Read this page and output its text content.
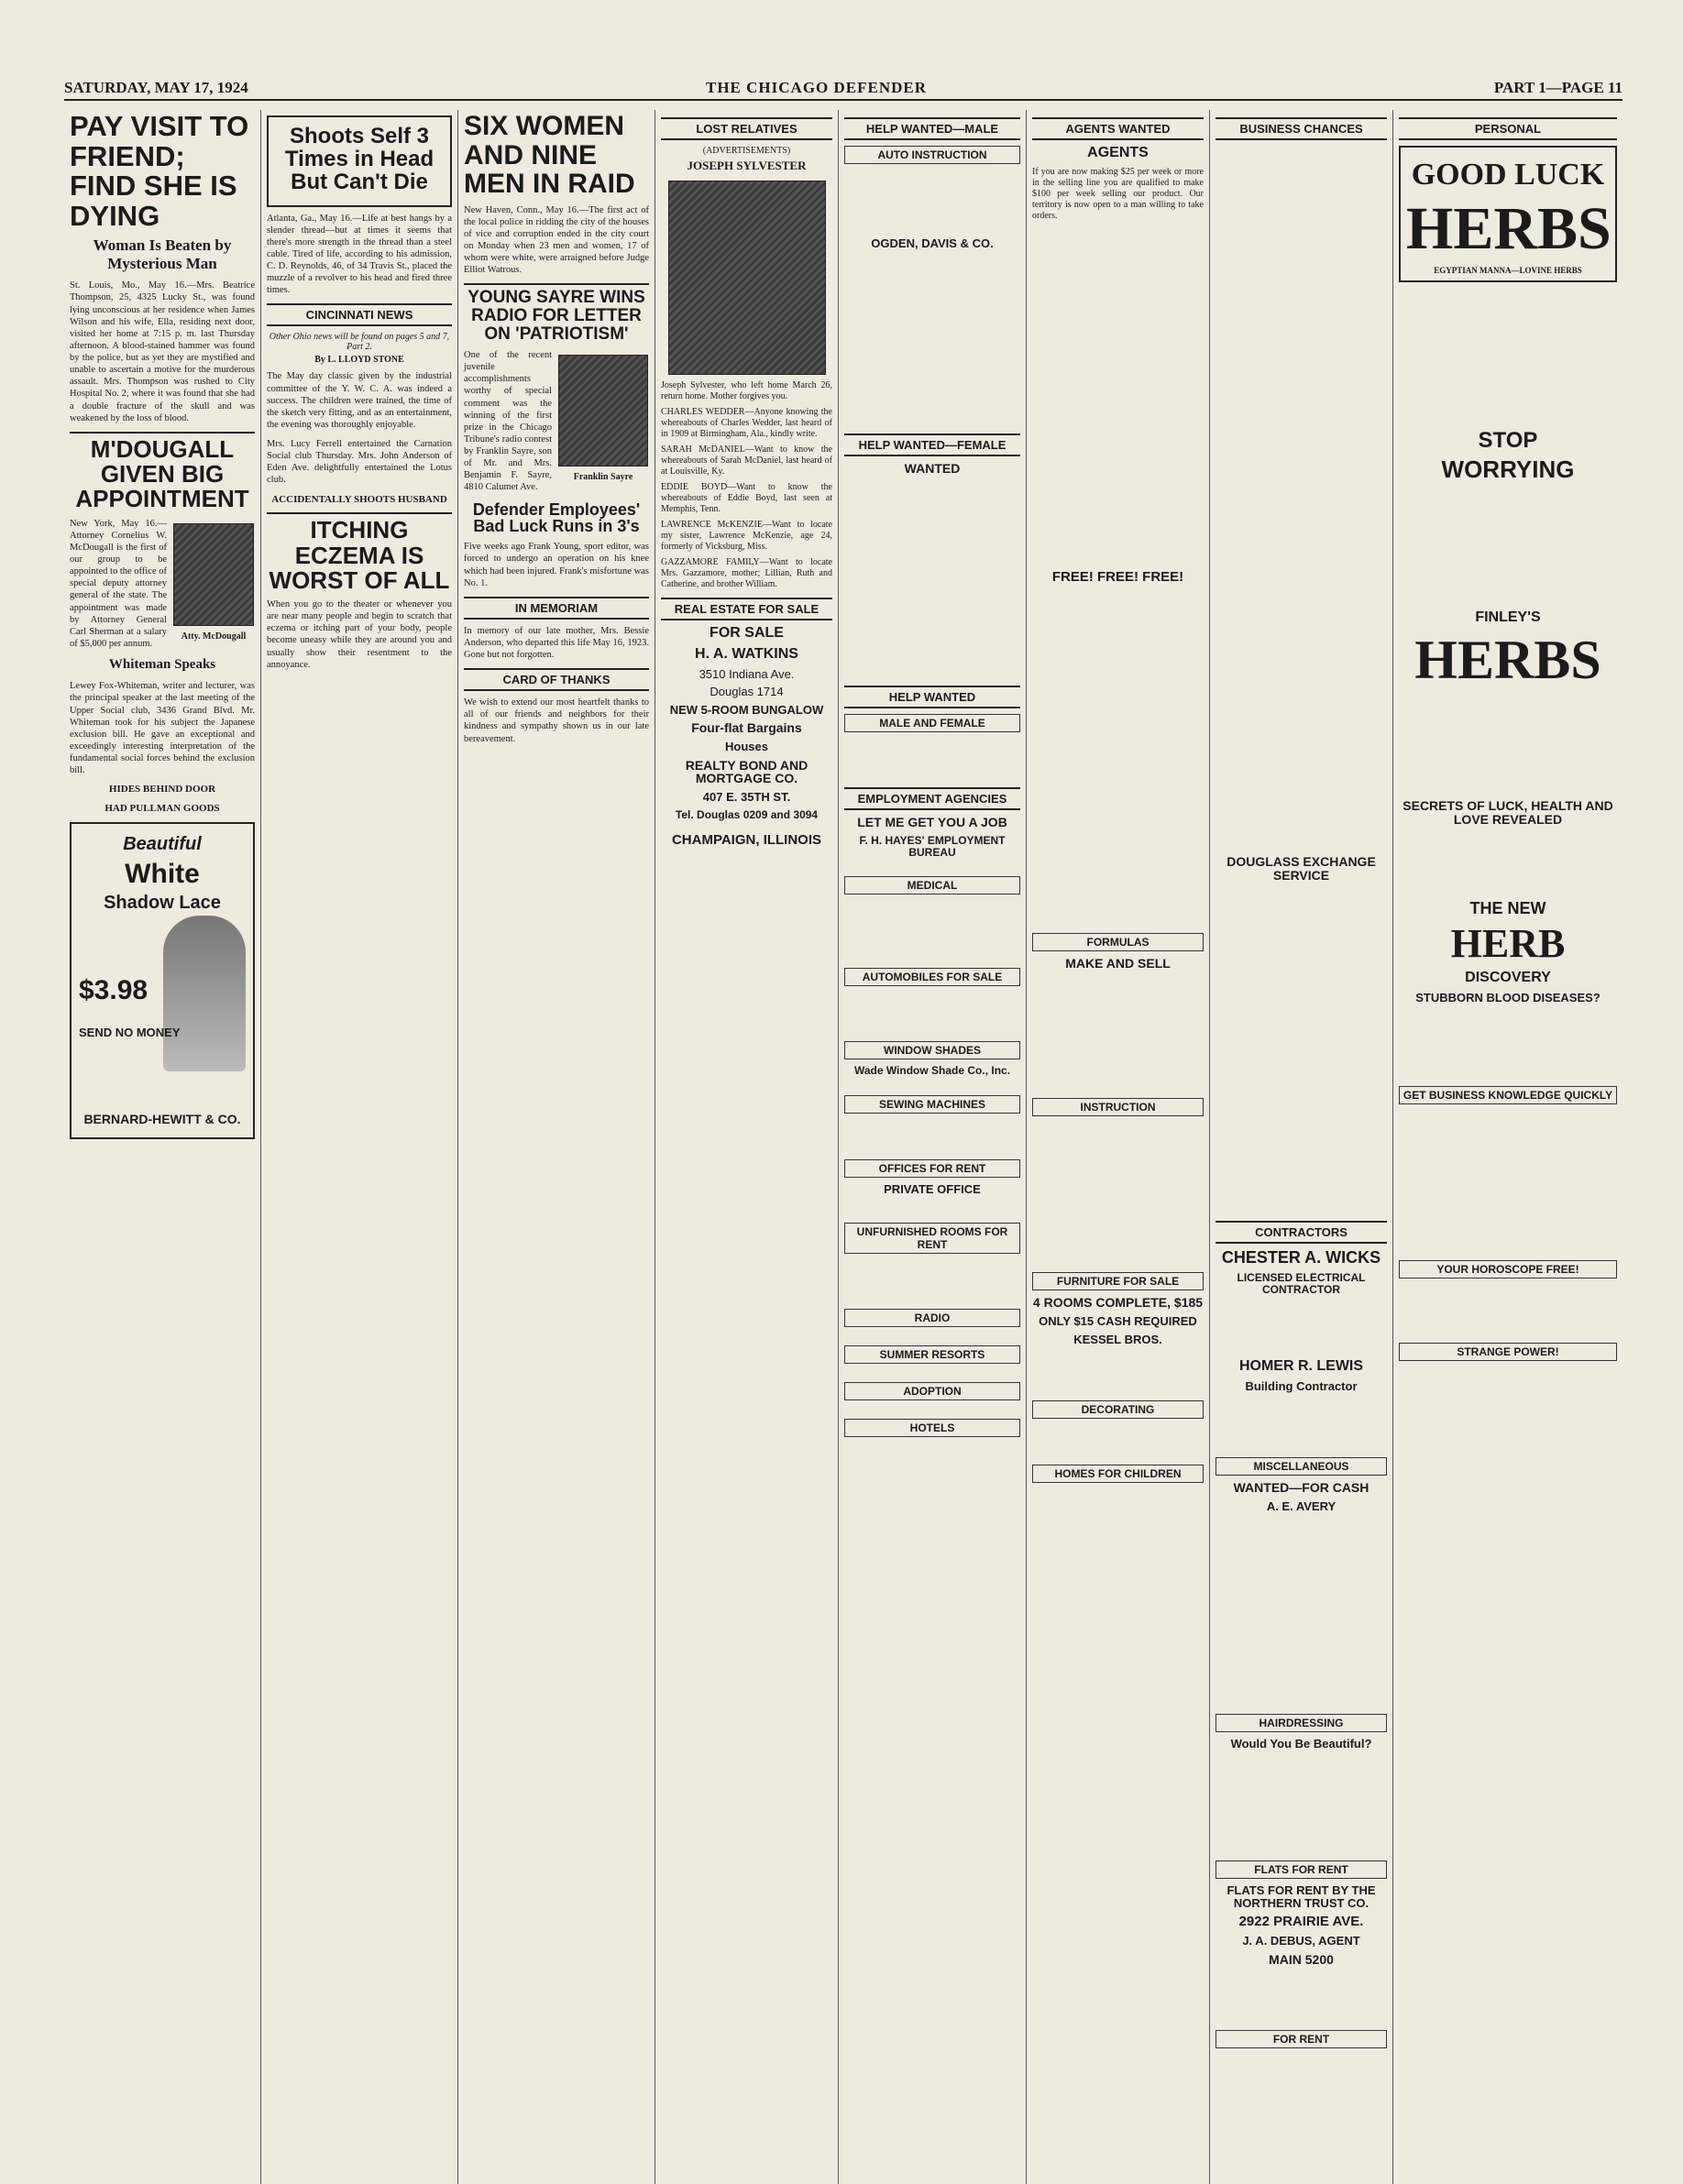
SATURDAY, MAY 17, 1924	THE CHICAGO DEFENDER	PART 1—PAGE 11
PAY VISIT TO FRIEND; FIND SHE IS DYING
Woman Is Beaten by Mysterious Man

St. Louis, Mo., May 16.—Mrs. Beatrice Thompson, 25, 4325 Lucky St., was found lying unconscious at her residence when James Wilson and his wife, Ella, residing next door, visited her home at 7:15 p. m. last Thursday afternoon. A blood-stained hammer was found by the police, but as yet they are mystified and unable to ascertain a motive for the murderous assault. Mrs. Thompson was rushed to City Hospital No. 2, where it was found that she had a double fracture of the skull and was weakened by the loss of blood.

M'DOUGALL GIVEN BIG APPOINTMENT
Atty. McDougall

New York, May 16.—Attorney Cornelius W. McDougall is the first of our group to be appointed to the office of special deputy attorney general of the state. The appointment was made by Attorney General Carl Sherman at a salary of $5,000 per annum.

Whiteman Speaks

Lewey Fox-Whiteman, writer and lecturer, was the principal speaker at the last meeting of the Upper Social club, 3436 Grand Blvd. Mr. Whiteman took for his subject the Japanese exclusion bill. He gave an exceptional and exceedingly interesting interpretation of the fundamental social forces behind the exclusion bill.

HIDES BEHIND DOOR
HAD PULLMAN GOODS
Beautiful
White
Shadow Lace
$3.98
SEND NO MONEY
BERNARD-HEWITT & CO.
Shoots Self 3 Times in Head But Can't Die

Atlanta, Ga., May 16.—Life at best hangs by a slender thread—but at times it seems that there's more strength in the thread than a steel cable. Tired of life, according to his admission, C. D. Reynolds, 46, of 34 Travis St., placed the muzzle of a revolver to his head and fired three times.

CINCINNATI NEWS
Other Ohio news will be found on pages 5 and 7, Part 2.
By L. LLOYD STONE

The May day classic given by the industrial committee of the Y. W. C. A. was indeed a success. The children were trained, the time of the sketch very fitting, and as an entertainment, the evening was thoroughly enjoyable.

Mrs. Lucy Ferrell entertained the Carnation Social club Thursday. Mrs. John Anderson of Eden Ave. delightfully entertained the Lotus club.

ACCIDENTALLY SHOOTS HUSBAND
ITCHING ECZEMA IS WORST OF ALL

When you go to the theater or whenever you are near many people and begin to scratch that eczema or itching part of your body, people become uneasy while they are around you and usually show their resentment to the annoyance.

SIX WOMEN AND NINE MEN IN RAID

New Haven, Conn., May 16.—The first act of the local police in ridding the city of the houses of vice and corruption ended in the city court on Monday when 23 men and women, 17 of whom were white, were arraigned before Judge Elliot Watrous.

YOUNG SAYRE WINS RADIO FOR LETTER ON 'PATRIOTISM'
Franklin Sayre

One of the recent juvenile accomplishments worthy of special comment was the winning of the first prize in the Chicago Tribune's radio contest by Franklin Sayre, son of Mr. and Mrs. Benjamin F. Sayre, 4810 Calumet Ave.

Defender Employees' Bad Luck Runs in 3's

Five weeks ago Frank Young, sport editor, was forced to undergo an operation on his knee which had been injured. Frank's misfortune was No. 1.

IN MEMORIAM

In memory of our late mother, Mrs. Bessie Anderson, who departed this life May 16, 1923. Gone but not forgotten.

CARD OF THANKS

We wish to extend our most heartfelt thanks to all of our friends and neighbors for their kindness and sympathy shown us in our late bereavement.

LOST RELATIVES
(ADVERTISEMENTS)
JOSEPH SYLVESTER

Joseph Sylvester, who left home March 26, return home. Mother forgives you.

CHARLES WEDDER—Anyone knowing the whereabouts of Charles Wedder, last heard of in 1909 at Birmingham, Ala., kindly write.

SARAH McDANIEL—Want to know the whereabouts of Sarah McDaniel, last heard of at Louisville, Ky.

EDDIE BOYD—Want to know the whereabouts of Eddie Boyd, last seen at Memphis, Tenn.

LAWRENCE McKENZIE—Want to locate my sister, Lawrence McKenzie, age 24, formerly of Vicksburg, Miss.

GAZZAMORE FAMILY—Want to locate Mrs. Gazzamore, mother; Lillian, Ruth and Catherine, and brother William.

REAL ESTATE FOR SALE
FOR SALE
H. A. WATKINS
3510 Indiana Ave.
Douglas 1714
NEW 5-ROOM BUNGALOW
Four-flat Bargains
Houses
REALTY BOND AND MORTGAGE CO.
407 E. 35TH ST.
Tel. Douglas 0209 and 3094
CHAMPAIGN, ILLINOIS
HELP WANTED—MALE
AUTO INSTRUCTION
OGDEN, DAVIS & CO.
HELP WANTED—FEMALE
WANTED
HELP WANTED
MALE AND FEMALE
EMPLOYMENT AGENCIES
LET ME GET YOU A JOB
F. H. HAYES' EMPLOYMENT BUREAU
MEDICAL
AUTOMOBILES FOR SALE
WINDOW SHADES
Wade Window Shade Co., Inc.
SEWING MACHINES
OFFICES FOR RENT
PRIVATE OFFICE
UNFURNISHED ROOMS FOR RENT
RADIO
SUMMER RESORTS
ADOPTION
HOTELS
AGENTS WANTED
AGENTS

If you are now making $25 per week or more in the selling line you are qualified to make $100 per week selling our product. Our territory is now open to a man willing to take orders.

FREE! FREE! FREE!
FORMULAS
MAKE AND SELL
INSTRUCTION
FURNITURE FOR SALE
4 ROOMS COMPLETE, $185
ONLY $15 CASH REQUIRED
KESSEL BROS.
DECORATING
HOMES FOR CHILDREN
BUSINESS CHANCES
DOUGLASS EXCHANGE SERVICE
CONTRACTORS
CHESTER A. WICKS
LICENSED ELECTRICAL CONTRACTOR
HOMER R. LEWIS
Building Contractor
MISCELLANEOUS
WANTED—FOR CASH
A. E. AVERY
HAIRDRESSING
Would You Be Beautiful?
FLATS FOR RENT
FLATS FOR RENT BY THE NORTHERN TRUST CO.
2922 PRAIRIE AVE.
J. A. DEBUS, AGENT
MAIN 5200
FOR RENT
PERSONAL
GOOD LUCK
HERBS
EGYPTIAN MANNA—LOVINE HERBS
STOP
WORRYING
FINLEY'S
HERBS
SECRETS OF LUCK, HEALTH AND LOVE REVEALED
THE NEW
HERB
DISCOVERY
STUBBORN BLOOD DISEASES?
GET BUSINESS KNOWLEDGE QUICKLY
YOUR HOROSCOPE FREE!
STRANGE POWER!
